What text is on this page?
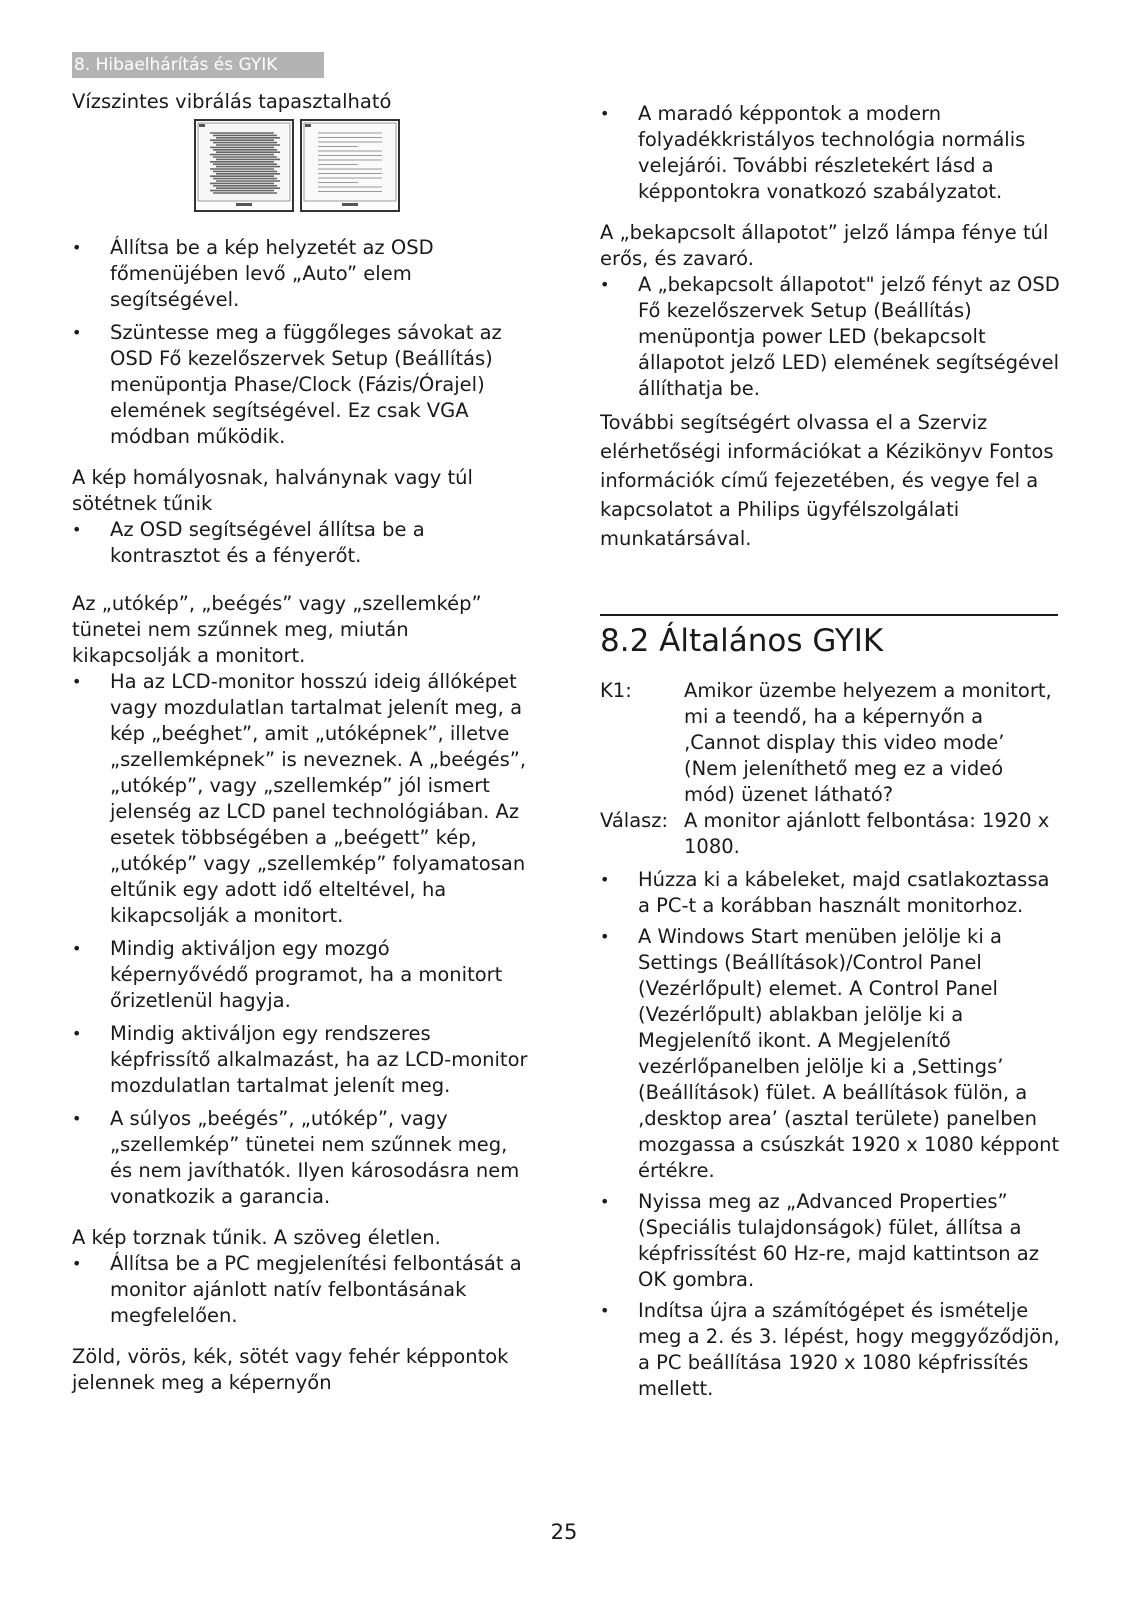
8. Hibaelhárítás és GYIK

Vízszintes vibrálás tapasztalható

• Állítsa be a kép helyzetét az OSD főmenüjében levő „Auto” elem segítségével.
• Szüntesse meg a függőleges sávokat az OSD Fő kezelőszervek Setup (Beállítás) menüpontja Phase/Clock (Fázis/Órajel) elemének segítségével. Ez csak VGA módban működik.

A kép homályosnak, halványnak vagy túl sötétnek tűnik

• Az OSD segítségével állítsa be a kontrasztot és a fényerőt.

Az „utókép”, „beégés” vagy „szellemkép” tünetei nem szűnnek meg, miután kikapcsolják a monitort.

• Ha az LCD-monitor hosszú ideig állóképet vagy mozdulatlan tartalmat jelenít meg, a kép „beéghet”, amit „utóképnek”, illetve „szellemképnek” is neveznek. A „beégés”, „utókép”, vagy „szellemkép” jól ismert jelenség az LCD panel technológiában. Az esetek többségében a „beégett” kép, „utókép” vagy „szellemkép” folyamatosan eltűnik egy adott idő elteltével, ha kikapcsolják a monitort.
• Mindig aktiváljon egy mozgó képernyővédő programot, ha a monitort őrizetlenül hagyja.
• Mindig aktiváljon egy rendszeres képfrissítő alkalmazást, ha az LCD-monitor mozdulatlan tartalmat jelenít meg.
• A súlyos „beégés”, „utókép”, vagy „szellemkép” tünetei nem szűnnek meg, és nem javíthatók. Ilyen károsodásra nem vonatkozik a garancia.

A kép torznak tűnik. A szöveg életlen.

• Állítsa be a PC megjelenítési felbontását a monitor ajánlott natív felbontásának megfelelően.

Zöld, vörös, kék, sötét vagy fehér képpontok jelennek meg a képernyőn

• A maradó képpontok a modern folyadékkristályos technológia normális velejárói. További részletekért lásd a képpontokra vonatkozó szabályzatot.

A „bekapcsolt állapotot” jelző lámpa fénye túl erős, és zavaró.

• A „bekapcsolt állapotot" jelző fényt az OSD Fő kezelőszervek Setup (Beállítás) menüpontja power LED (bekapcsolt állapotot jelző LED) elemének segítségével állíthatja be.

További segítségért olvassa el a Szerviz elérhetőségi információkat a Kézikönyv Fontos információk című fejezetében, és vegye fel a kapcsolatot a Philips ügyfélszolgálati munkatársával.

8.2 Általános GYIK
K1:	Amikor üzembe helyezem a monitort, mi a teendő, ha a képernyőn a ‚Cannot display this video mode’ (Nem jeleníthető meg ez a videó mód) üzenet látható?
Válasz: A monitor ajánlott felbontása: 1920 x 1080.
• Húzza ki a kábeleket, majd csatlakoztassa a PC-t a korábban használt monitorhoz.
• A Windows Start menüben jelölje ki a Settings (Beállítások)/Control Panel (Vezérlőpult) elemet. A Control Panel (Vezérlőpult) ablakban jelölje ki a Megjelenítő ikont. A Megjelenítő vezérlőpanelben jelölje ki a ‚Settings’ (Beállítások) fület. A beállítások fülön, a ‚desktop area’ (asztal területe) panelben mozgassa a csúszkát 1920 x 1080 képpont értékre.
• Nyissa meg az „Advanced Properties” (Speciális tulajdonságok) fület, állítsa a képfrissítést 60 Hz-re, majd kattintson az OK gombra.
• Indítsa újra a számítógépet és ismételje meg a 2. és 3. lépést, hogy meggyőződjön, a PC beállítása 1920 x 1080 képfrissítés mellett.
25
